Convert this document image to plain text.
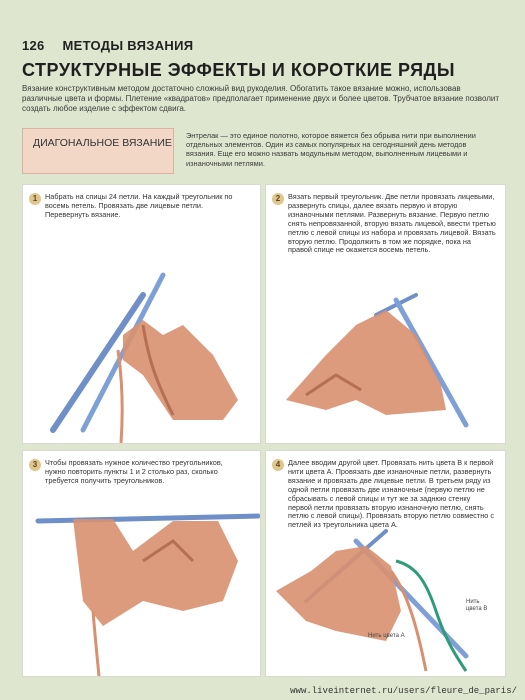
126 МЕТОДЫ ВЯЗАНИЯ
СТРУКТУРНЫЕ ЭФФЕКТЫ И КОРОТКИЕ РЯДЫ
Вязание конструктивным методом достаточно сложный вид рукоделия. Обогатить такое вязание можно, использовав различные цвета и формы. Плетение «квадратов» предполагает применение двух и более цветов. Трубчатое вязание позволит создать любое изделие с эффектом сдвига.
ДИАГОНАЛЬНОЕ ВЯЗАНИЕ
Энтрелак — это единое полотно, которое вяжется без обрыва нити при выполнении отдельных элементов. Один из самых популярных на сегодняшний день методов вязания. Еще его можно назвать модульным методом, выполненным лицевыми и изнаночными петлями.
1	Набрать на спицы 24 петли. На каждый треугольник по восемь петель. Провязать две лицевые петли. Перевернуть вязание.
2	Вязать первый треугольник. Две петли провязать лицевыми, развернуть спицы, далее вязать первую и вторую изнаночными петлями. Развернуть вязание. Первую петлю снять непровязанной, вторую вязать лицевой, ввести третью петлю с левой спицы из набора и провязать лицевой. Вязать вторую петлю. Продолжить в том же порядке, пока на правой спице не окажется восемь петель.
3	Чтобы провязать нужное количество треугольников, нужно повторить пункты 1 и 2 столько раз, сколько требуется получить треугольников.
4	Далее вводим другой цвет. Провязать нить цвета В к первой нити цвета А. Провязать две изнаночные петли, развернуть вязание и провязать две лицевые петли. В третьем ряду из одной петли провязать две изнаночные (первую петлю не сбрасывать с левой спицы и тут же за заднюю стенку первой петли провязать вторую изнаночную петлю, снять петлю с левой спицы). Провязать вторую петлю совместно с петлей из треугольника цвета А.
Нить цвета В
Нить цвета А
www.liveinternet.ru/users/fleure_de_paris/
